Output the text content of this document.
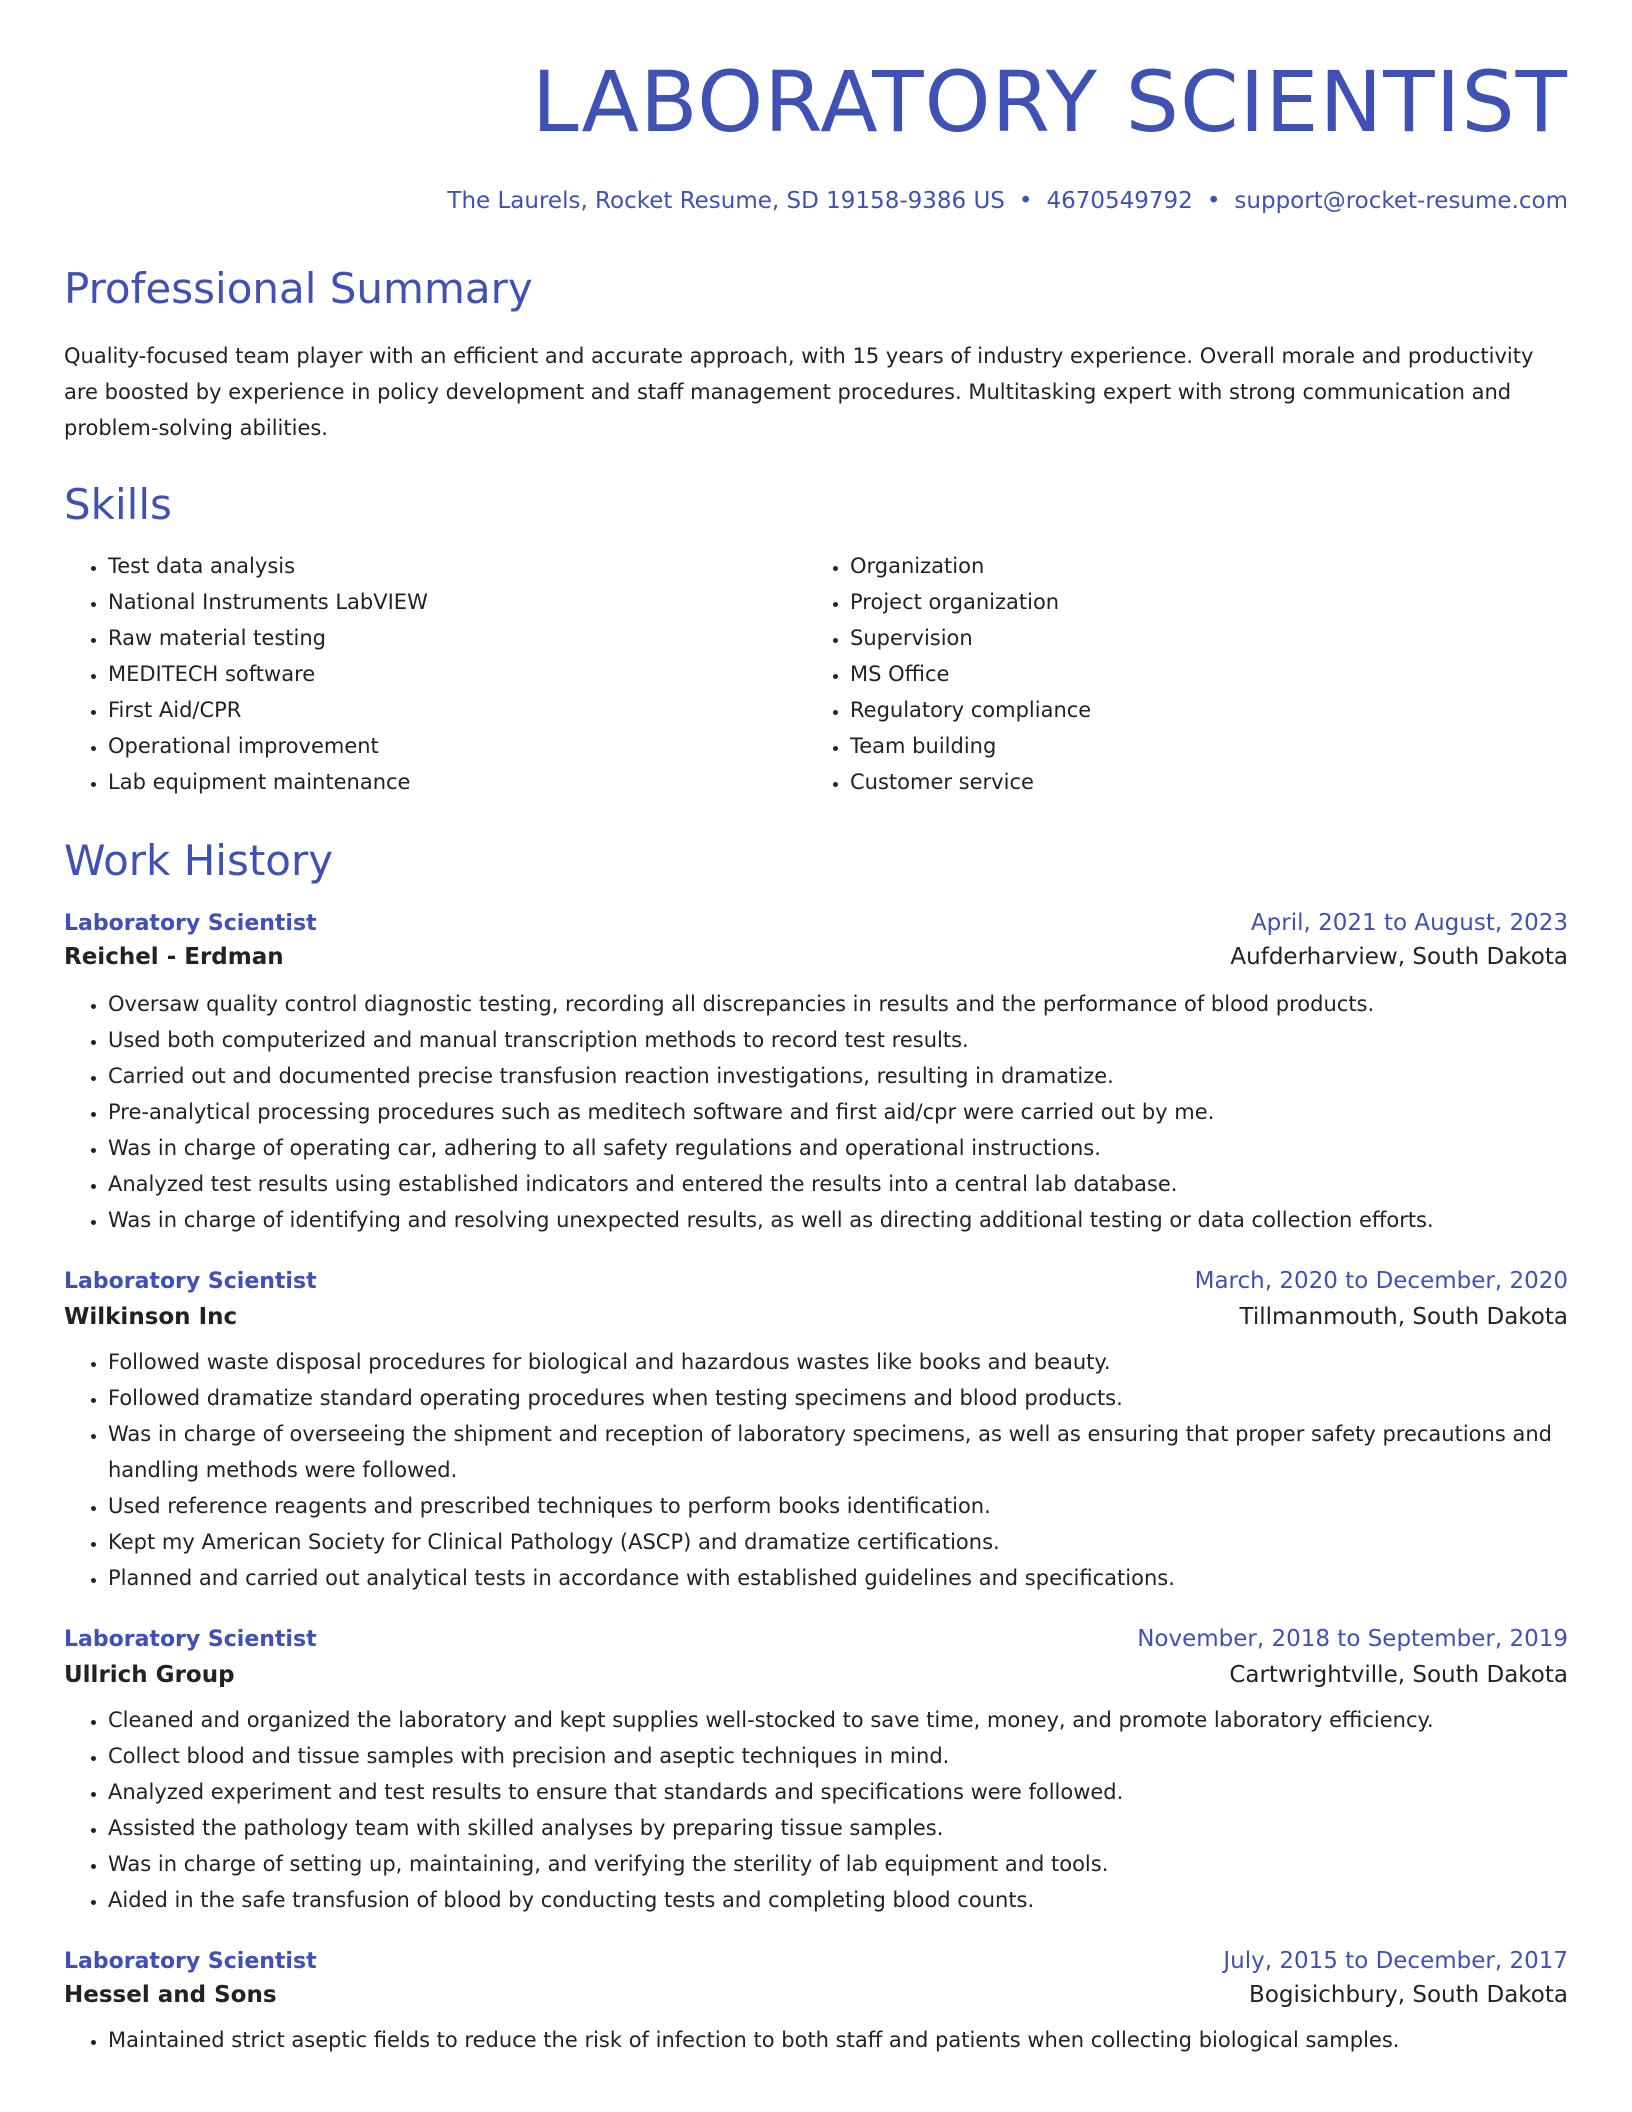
LABORATORY SCIENTIST
The Laurels, Rocket Resume, SD 19158-9386 US • 4670549792 • support@rocket-resume.com
Professional Summary
Quality-focused team player with an efficient and accurate approach, with 15 years of industry experience. Overall morale and productivity are boosted by experience in policy development and staff management procedures. Multitasking expert with strong communication and problem-solving abilities.
Skills
• Test data analysis
• National Instruments LabVIEW
• Raw material testing
• MEDITECH software
• First Aid/CPR
• Operational improvement
• Lab equipment maintenance
• Organization
• Project organization
• Supervision
• MS Office
• Regulatory compliance
• Team building
• Customer service
Work History
Laboratory Scientist	April, 2021 to August, 2023
Reichel - Erdman	Aufderharview, South Dakota
• Oversaw quality control diagnostic testing, recording all discrepancies in results and the performance of blood products.
• Used both computerized and manual transcription methods to record test results.
• Carried out and documented precise transfusion reaction investigations, resulting in dramatize.
• Pre-analytical processing procedures such as meditech software and first aid/cpr were carried out by me.
• Was in charge of operating car, adhering to all safety regulations and operational instructions.
• Analyzed test results using established indicators and entered the results into a central lab database.
• Was in charge of identifying and resolving unexpected results, as well as directing additional testing or data collection efforts.
Laboratory Scientist	March, 2020 to December, 2020
Wilkinson Inc	Tillmanmouth, South Dakota
• Followed waste disposal procedures for biological and hazardous wastes like books and beauty.
• Followed dramatize standard operating procedures when testing specimens and blood products.
• Was in charge of overseeing the shipment and reception of laboratory specimens, as well as ensuring that proper safety precautions and handling methods were followed.
• Used reference reagents and prescribed techniques to perform books identification.
• Kept my American Society for Clinical Pathology (ASCP) and dramatize certifications.
• Planned and carried out analytical tests in accordance with established guidelines and specifications.
Laboratory Scientist	November, 2018 to September, 2019
Ullrich Group	Cartwrightville, South Dakota
• Cleaned and organized the laboratory and kept supplies well-stocked to save time, money, and promote laboratory efficiency.
• Collect blood and tissue samples with precision and aseptic techniques in mind.
• Analyzed experiment and test results to ensure that standards and specifications were followed.
• Assisted the pathology team with skilled analyses by preparing tissue samples.
• Was in charge of setting up, maintaining, and verifying the sterility of lab equipment and tools.
• Aided in the safe transfusion of blood by conducting tests and completing blood counts.
Laboratory Scientist	July, 2015 to December, 2017
Hessel and Sons	Bogisichbury, South Dakota
• Maintained strict aseptic fields to reduce the risk of infection to both staff and patients when collecting biological samples.
